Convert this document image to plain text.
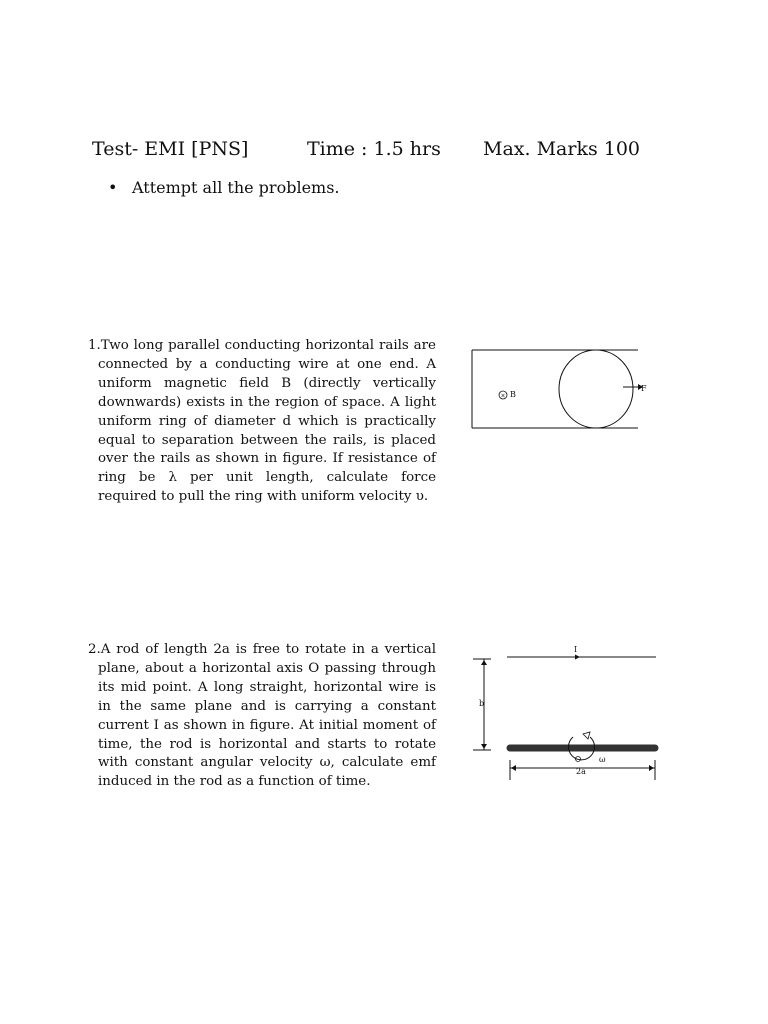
Test- EMI [PNS]	Time : 1.5 hrs Max. Marks 100
• Attempt all the problems.
1.Two long parallel conducting horizontal rails are connected by a conducting wire at one end. A uniform magnetic field B (directly vertically downwards) exists in the region of space. A light uniform ring of diameter d which is practically equal to separation between the rails, is placed over the rails as shown in figure. If resistance of ring be λ per unit length, calculate force required to pull the ring with uniform velocity υ.
2.A rod of length 2a is free to rotate in a vertical plane, about a horizontal axis O passing through its mid point. A long straight, horizontal wire is in the same plane and is carrying a constant current I as shown in figure. At initial moment of time, the rod is horizontal and starts to rotate with constant angular velocity ω, calculate emf induced in the rod as a function of time.
× B
F
I
b
ω
2a
